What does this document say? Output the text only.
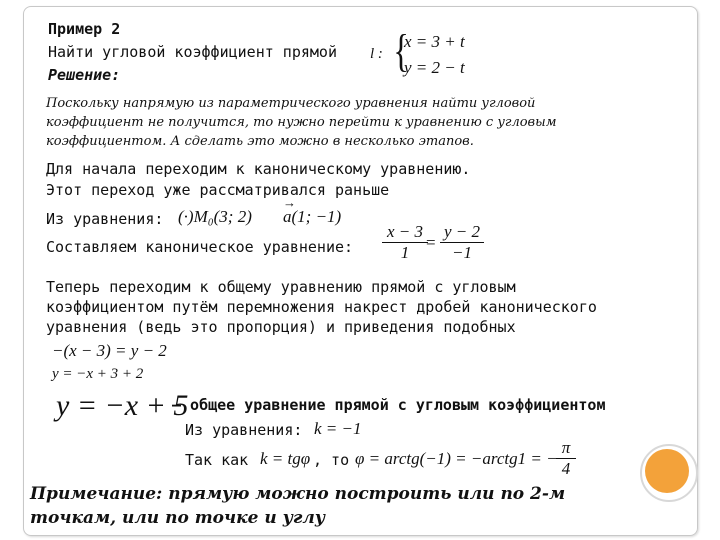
Пример 2
Найти угловой коэффициент прямой l : {
x = 3 + t
y = 2 − t
Решение:
Поскольку напрямую из параметрического уравнения найти угловой
коэффициент не получится, то нужно перейти к уравнению с угловым
коэффициентом. А сделать это можно в несколько этапов.
Для начала переходим к каноническому уравнению.
Этот переход уже рассматривался раньше
Из уравнения: (·)M₀(3; 2)
→
a(1; −1)
Составляем каноническое уравнение: $\frac{x - 3}{1}$
= $\frac{y - 2}{-1}$
Теперь переходим к общему уравнению прямой с угловым
коэффициентом путём перемножения накрест дробей канонического
уравнения (ведь это пропорция) и приведения подобных
−(x − 3) = y − 2
y = −x + 3 + 2
y = −x + 5
– общее уравнение прямой с угловым коэффициентом
Из уравнения: k = −1
Так как k = tgφ , то φ = arctg(−1) = −arctg1 = −
$\frac{\pi}{4}$
Примечание: прямую можно построить или по 2-м
точкам, или по точке и углу
